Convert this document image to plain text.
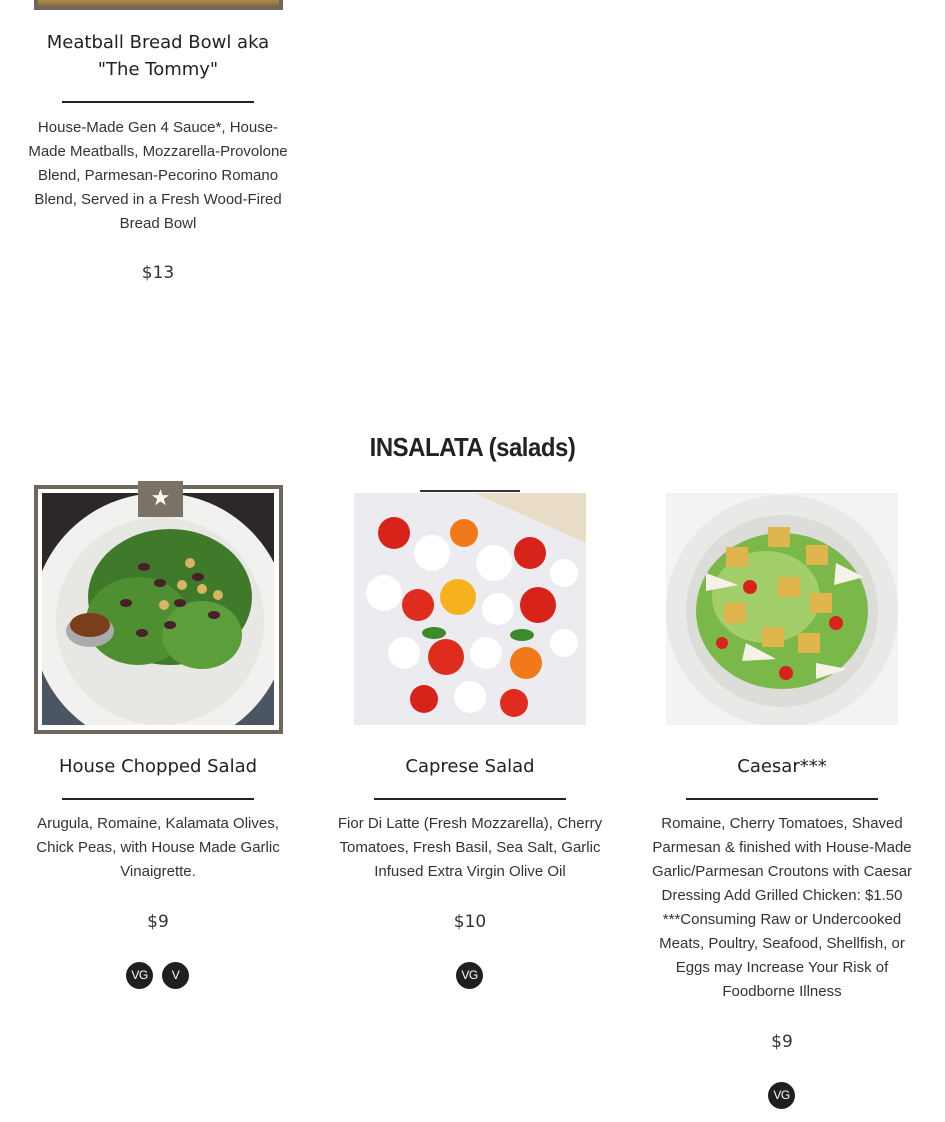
Meatball Bread Bowl aka
"The Tommy"
House-Made Gen 4 Sauce*, House-Made Meatballs, Mozzarella-Provolone Blend, Parmesan-Pecorino Romano Blend, Served in a Fresh Wood-Fired Bread Bowl
$13
INSALATA (salads)
★
House Chopped Salad
Arugula, Romaine, Kalamata Olives, Chick Peas, with House Made Garlic Vinaigrette.
$9
VG	V
Caprese Salad
Fior Di Latte (Fresh Mozzarella), Cherry Tomatoes, Fresh Basil, Sea Salt, Garlic Infused Extra Virgin Olive Oil
$10
VG
Caesar***
Romaine, Cherry Tomatoes, Shaved Parmesan & finished with House-Made Garlic/Parmesan Croutons with Caesar Dressing Add Grilled Chicken: $1.50 ***Consuming Raw or Undercooked Meats, Poultry, Seafood, Shellfish, or Eggs may Increase Your Risk of Foodborne Illness
$9
VG
